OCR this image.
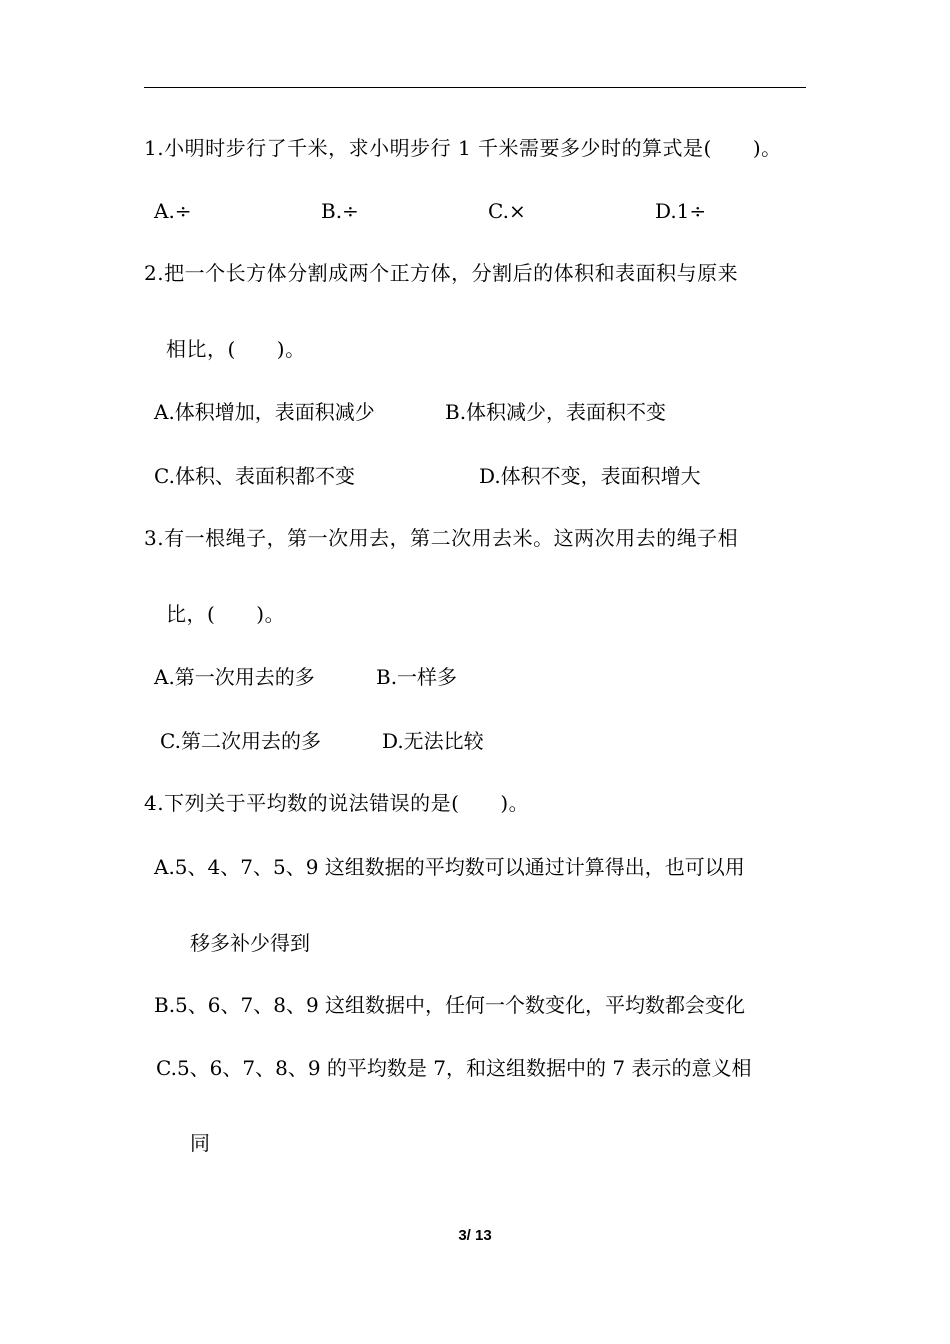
1.小明时步行了千米，求小明步行 1 千米需要多少时的算式是(　　)。
A.÷	B.÷	C.×	D.1÷
2.把一个长方体分割成两个正方体，分割后的体积和表面积与原来
相比，(　　)。
A.体积增加，表面积减少	B.体积减少，表面积不变
C.体积、表面积都不变	D.体积不变，表面积增大
3.有一根绳子，第一次用去，第二次用去米。这两次用去的绳子相
比，(　　)。
A.第一次用去的多	B.一样多
C.第二次用去的多	D.无法比较
4.下列关于平均数的说法错误的是(　　)。
A.5、4、7、5、9 这组数据的平均数可以通过计算得出，也可以用
移多补少得到
B.5、6、7、8、9 这组数据中，任何一个数变化，平均数都会变化
C.5、6、7、8、9 的平均数是 7，和这组数据中的 7 表示的意义相
同
3/ 13
